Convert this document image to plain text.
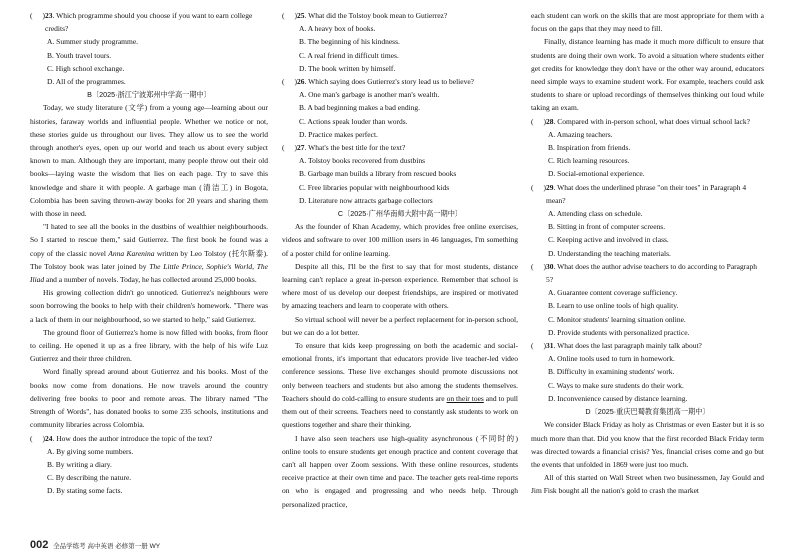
( )23. Which programme should you choose if you want to earn college credits?

A. Summer study programme.

B. Youth travel tours.

C. High school exchange.

D. All of the programmes.

B〔2025·浙江宁波郑州中学高一期中〕

Today, we study literature (文学) from a young age—learning about our histories, faraway worlds and influential people. Whether we notice or not, these stories guide us throughout our lives. They allow us to see the world through another's eyes, open up our world and teach us about every subject known to man. Although they are important, many people throw out their old books—laying waste the wisdom that lies on each page. Try to save this knowledge and share it with people. A garbage man (清洁工) in Bogota, Colombia has been saving thrown-away books for 20 years and sharing them with those in need.

"I hated to see all the books in the dustbins of wealthier neighbourhoods. So I started to rescue them," said Gutierrez. The first book he found was a copy of the classic novel Anna Karenina written by Leo Tolstoy (托尔斯泰). The Tolstoy book was later joined by The Little Prince, Sophie's World, The Iliad and a number of novels. Today, he has collected around 25,000 books.

His growing collection didn't go unnoticed. Gutierrez's neighbours were soon borrowing the books to help with their children's homework. "There was a lack of them in our neighbourhood, so we started to help," said Gutierrez.

The ground floor of Gutierrez's home is now filled with books, from floor to ceiling. He opened it up as a free library, with the help of his wife Luz Gutierrez and their three children.

Word finally spread around about Gutierrez and his books. Most of the books now come from donations. He now travels around the country delivering free books to poor and remote areas. The library named "The Strength of Words", has donated books to some 235 schools, institutions and community libraries across Colombia.

( )24. How does the author introduce the topic of the text?

A. By giving some numbers.

B. By writing a diary.

C. By describing the nature.

D. By stating some facts.

( )25. What did the Tolstoy book mean to Gutierrez?

A. A heavy box of books.

B. The beginning of his kindness.

C. A real friend in difficult times.

D. The book written by himself.

( )26. Which saying does Gutierrez's story lead us to believe?

A. One man's garbage is another man's wealth.

B. A bad beginning makes a bad ending.

C. Actions speak louder than words.

D. Practice makes perfect.

( )27. What's the best title for the text?

A. Tolstoy books recovered from dustbins

B. Garbage man builds a library from rescued books

C. Free libraries popular with neighbourhood kids

D. Literature now attracts garbage collectors

C〔2025·广州华南师大附中高一期中〕

As the founder of Khan Academy, which provides free online exercises, videos and software to over 100 million users in 46 languages, I'm something of a poster child for online learning.

Despite all this, I'll be the first to say that for most students, distance learning can't replace a great in-person experience. Remember that school is where most of us develop our deepest friendships, are inspired or motivated by amazing teachers and learn to cooperate with others.

So virtual school will never be a perfect replacement for in-person school, but we can do a lot better.

To ensure that kids keep progressing on both the academic and social-emotional fronts, it's important that educators provide live teacher-led video conference sessions. These live exchanges should promote discussions not only between teachers and students but also among the students themselves. Teachers should do cold-calling to ensure students are on their toes and to pull them out of their screens. Teachers need to constantly ask students to work on questions together and share their thinking.

I have also seen teachers use high-quality asynchronous (不同时的) online tools to ensure students get enough practice and content coverage that can't all happen over Zoom sessions. With these online resources, students receive practice at their own time and pace. The teacher gets real-time reports on who is engaged and progressing and who needs help. Through personalized practice,

each student can work on the skills that are most appropriate for them with a focus on the gaps that they may need to fill.

Finally, distance learning has made it much more difficult to ensure that students are doing their own work. To avoid a situation where students either get credits for knowledge they don't have or the other way around, educators need simple ways to examine student work. For example, teachers could ask students to share or upload recordings of themselves thinking out loud while taking an exam.

( )28. Compared with in-person school, what does virtual school lack?

A. Amazing teachers.

B. Inspiration from friends.

C. Rich learning resources.

D. Social-emotional experience.

( )29. What does the underlined phrase "on their toes" in Paragraph 4 mean?

A. Attending class on schedule.

B. Sitting in front of computer screens.

C. Keeping active and involved in class.

D. Understanding the teaching materials.

( )30. What does the author advise teachers to do according to Paragraph 5?

A. Guarantee content coverage sufficiency.

B. Learn to use online tools of high quality.

C. Monitor students' learning situation online.

D. Provide students with personalized practice.

( )31. What does the last paragraph mainly talk about?

A. Online tools used to turn in homework.

B. Difficulty in examining students' work.

C. Ways to make sure students do their work.

D. Inconvenience caused by distance learning.

D〔2025·重庆巴蜀教育集团高一期中〕

We consider Black Friday as holy as Christmas or even Easter but it is so much more than that. Did you know that the first recorded Black Friday term was directed towards a financial crisis? Yes, financial crises come and go but the events that unfolded in 1869 were just too much.

All of this started on Wall Street when two businessmen, Jay Gould and Jim Fisk bought all the nation's gold to crash the market

002 全品学练考 高中英语 必修第一册 WY
